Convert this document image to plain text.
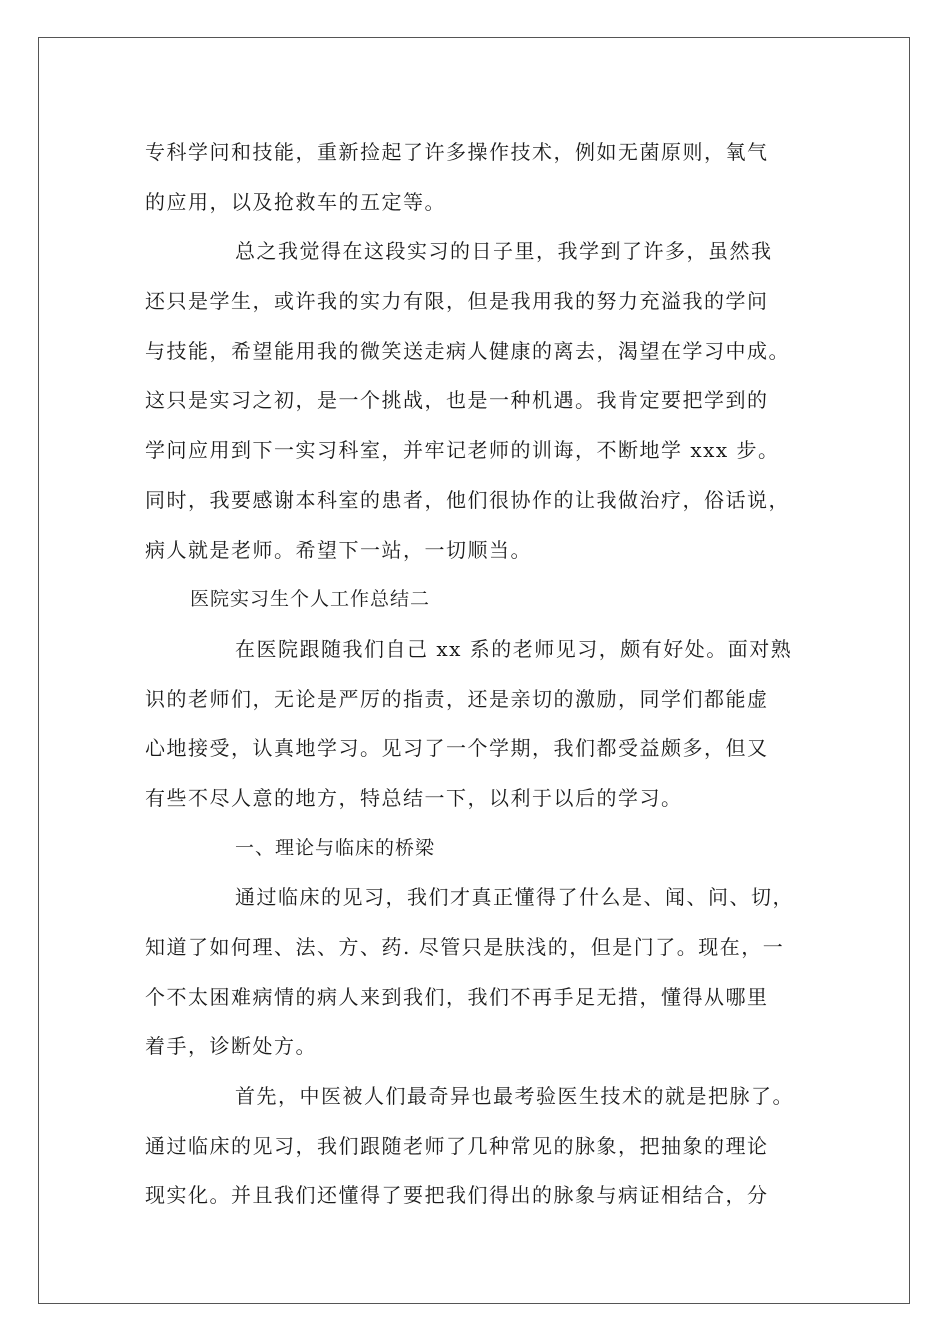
专科学问和技能，重新捡起了许多操作技术，例如无菌原则，氧气
的应用，以及抢救车的五定等。
总之我觉得在这段实习的日子里，我学到了许多，虽然我
还只是学生，或许我的实力有限，但是我用我的努力充溢我的学问
与技能，希望能用我的微笑送走病人健康的离去，渴望在学习中成。
这只是实习之初，是一个挑战，也是一种机遇。我肯定要把学到的
学问应用到下一实习科室，并牢记老师的训诲，不断地学 xxx 步。
同时，我要感谢本科室的患者，他们很协作的让我做治疗，俗话说，
病人就是老师。希望下一站，一切顺当。
医院实习生个人工作总结二
在医院跟随我们自己 xx 系的老师见习，颇有好处。面对熟
识的老师们，无论是严厉的指责，还是亲切的激励，同学们都能虚
心地接受，认真地学习。见习了一个学期，我们都受益颇多，但又
有些不尽人意的地方，特总结一下，以利于以后的学习。
一、理论与临床的桥梁
通过临床的见习，我们才真正懂得了什么是、闻、问、切，
知道了如何理、法、方、药. 尽管只是肤浅的，但是门了。现在，一
个不太困难病情的病人来到我们，我们不再手足无措，懂得从哪里
着手，诊断处方。
首先，中医被人们最奇异也最考验医生技术的就是把脉了。
通过临床的见习，我们跟随老师了几种常见的脉象，把抽象的理论
现实化。并且我们还懂得了要把我们得出的脉象与病证相结合，分
